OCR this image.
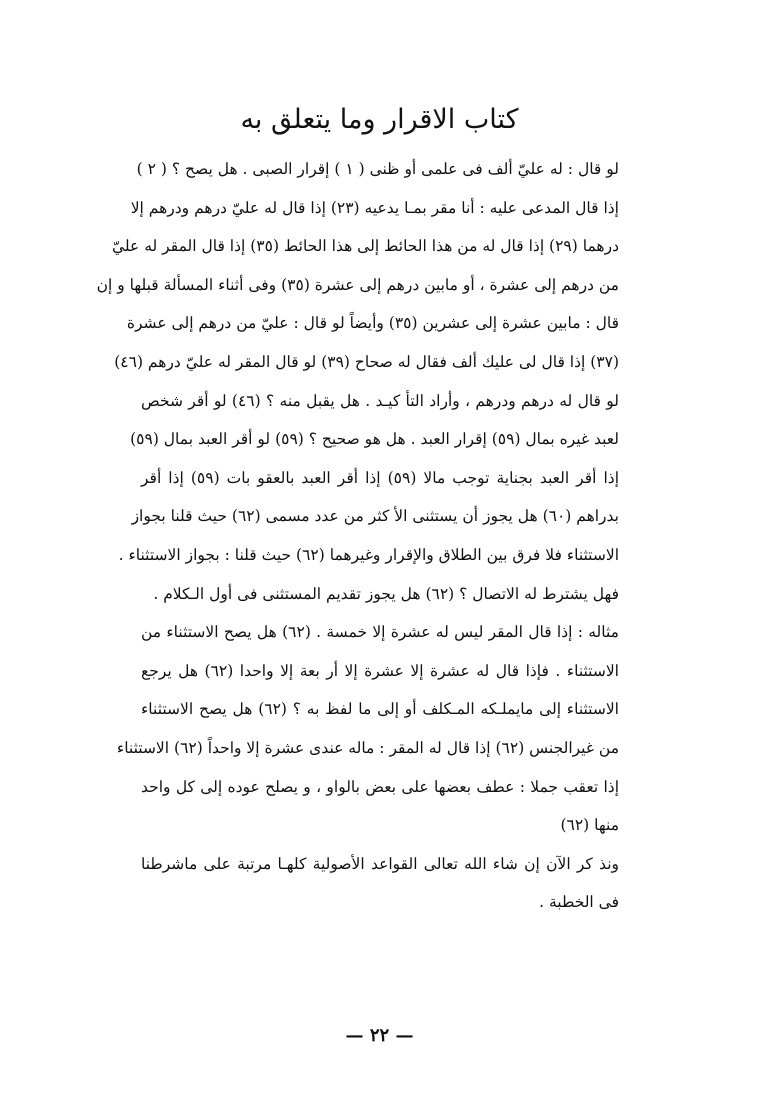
كتاب الاقرار وما يتعلق به
لو قال : له عليّ ألف فى علمى أو ظنى ( ١ ) إقرار الصبى . هل يصح ؟ ( ٢ )
إذا قال المدعى عليه : أنا مقر بمـا يدعيه (٢٣) إذا قال له عليّ درهم ودرهم إلا
درهما (٢٩) إذا قال له من هذا الحائط إلى هذا الحائط (٣٥) إذا قال المقر له عليّ
من درهم إلى عشرة ، أو مابين درهم إلى عشرة (٣٥) وفى أثناء المسألة قبلها و إن
قال : مابين عشرة إلى عشرين (٣٥) وأيضاً لو قال : عليّ من درهم إلى عشرة
(٣٧) إذا قال لى عليك ألف فقال له صحاح (٣٩) لو قال المقر له عليّ درهم (٤٦)
لو قال له درهم ودرهم ، وأراد التأ كيـد . هل يقبل منه ؟ (٤٦) لو أقر شخص
لعبد غيره بمال (٥٩) إقرار العبد . هل هو صحيح ؟ (٥٩) لو أقر العبد بمال (٥٩)
إذا أقر العبد بجناية توجب مالا (٥٩) إذا أقر العبد بالعقو بات (٥٩) إذا أقر
بدراهم (٦٠) هل يجوز أن يستثنى الأ كثر من عدد مسمى (٦٢) حيث قلنا بجواز
الاستثناء فلا فرق بين الطلاق والإقرار وغيرهما (٦٢) حيث قلنا : بجواز الاستثناء .
فهل يشترط له الاتصال ؟ (٦٢) هل يجوز تقديم المستثنى فى أول الـكلام .
مثاله : إذا قال المقر ليس له عشرة إلا خمسة . (٦٢) هل يصح الاستثناء من
الاستثناء . فإذا قال له عشرة إلا عشرة إلا أر بعة إلا واحدا (٦٢) هل يرجع
الاستثناء إلى مايملـكه المـكلف أو إلى ما لفظ به ؟ (٦٢) هل يصح الاستثناء
من غيرالجنس (٦٢) إذا قال له المقر : ماله عندى عشرة إلا واحداً (٦٢) الاستثناء
إذا تعقب جملا : عطف بعضها على بعض بالواو ، و يصلح عوده إلى كل واحد
منها (٦٢)
ونذ كر الآن إن شاء الله تعالى القواعد الأصولية كلهـا مرتبة على ماشرطنا
فى الخطبة .
— ٢٢ —
